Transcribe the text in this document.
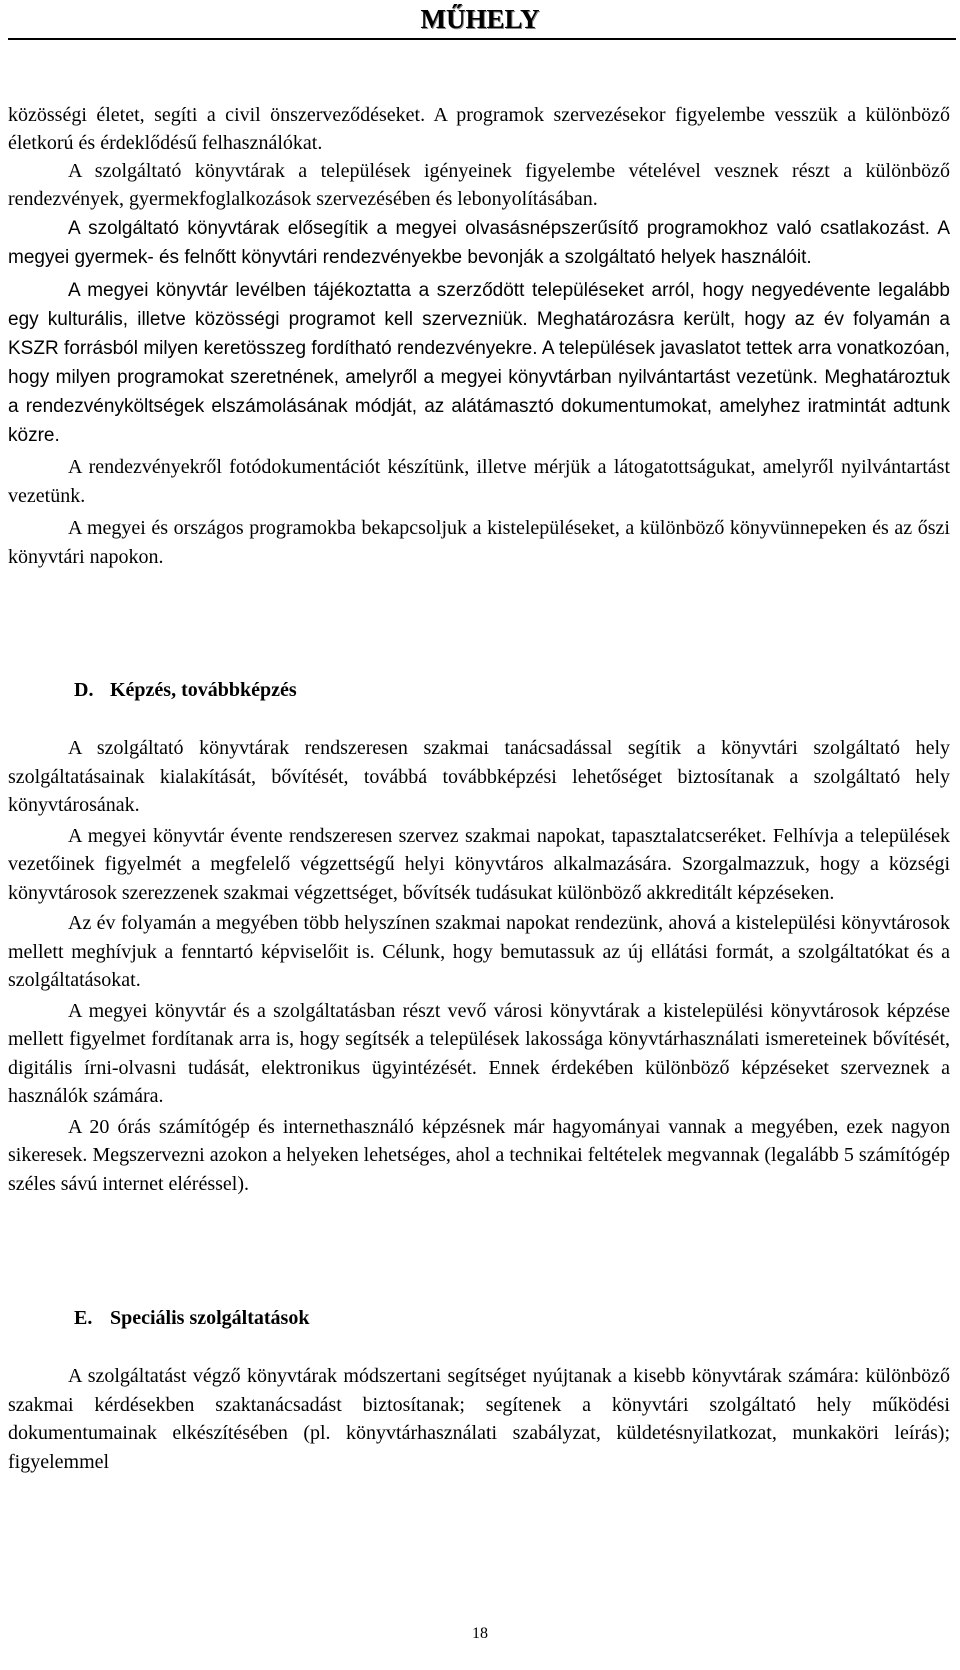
MŰHELY

közösségi életet, segíti a civil önszerveződéseket. A programok szervezésekor figyelembe vesszük a különböző életkorú és érdeklődésű felhasználókat.

A szolgáltató könyvtárak a települések igényeinek figyelembe vételével vesznek részt a különböző rendezvények, gyermekfoglalkozások szervezésében és lebonyolításában.

A szolgáltató könyvtárak elősegítik a megyei olvasásnépszerűsítő programokhoz való csatlakozást. A megyei gyermek- és felnőtt könyvtári rendezvényekbe bevonják a szolgáltató helyek használóit.

A megyei könyvtár levélben tájékoztatta a szerződött településeket arról, hogy negyedévente legalább egy kulturális, illetve közösségi programot kell szervezniük. Meghatározásra került, hogy az év folyamán a KSZR forrásból milyen keretösszeg fordítható rendezvényekre. A települések javaslatot tettek arra vonatkozóan, hogy milyen programokat szeretnének, amelyről a megyei könyvtárban nyilvántartást vezetünk. Meghatároztuk a rendezvényköltségek elszámolásának módját, az alátámasztó dokumentumokat, amelyhez iratmintát adtunk közre.

A rendezvényekről fotódokumentációt készítünk, illetve mérjük a látogatottságukat, amelyről nyilvántartást vezetünk.

A megyei és országos programokba bekapcsoljuk a kistelepüléseket, a különböző könyvünnepeken és az őszi könyvtári napokon.

D. Képzés, továbbképzés

A szolgáltató könyvtárak rendszeresen szakmai tanácsadással segítik a könyvtári szolgáltató hely szolgáltatásainak kialakítását, bővítését, továbbá továbbképzési lehetőséget biztosítanak a szolgáltató hely könyvtárosának.

A megyei könyvtár évente rendszeresen szervez szakmai napokat, tapasztalatcseréket. Felhívja a települések vezetőinek figyelmét a megfelelő végzettségű helyi könyvtáros alkalmazására. Szorgalmazzuk, hogy a községi könyvtárosok szerezzenek szakmai végzettséget, bővítsék tudásukat különböző akkreditált képzéseken.

Az év folyamán a megyében több helyszínen szakmai napokat rendezünk, ahová a kistelepülési könyvtárosok mellett meghívjuk a fenntartó képviselőit is. Célunk, hogy bemutassuk az új ellátási formát, a szolgáltatókat és a szolgáltatásokat.

A megyei könyvtár és a szolgáltatásban részt vevő városi könyvtárak a kistelepülési könyvtárosok képzése mellett figyelmet fordítanak arra is, hogy segítsék a települések lakossága könyvtárhasználati ismereteinek bővítését, digitális írni-olvasni tudását, elektronikus ügyintézését. Ennek érdekében különböző képzéseket szerveznek a használók számára.

A 20 órás számítógép és internethasználó képzésnek már hagyományai vannak a megyében, ezek nagyon sikeresek. Megszervezni azokon a helyeken lehetséges, ahol a technikai feltételek megvannak (legalább 5 számítógép széles sávú internet eléréssel).

E. Speciális szolgáltatások

A szolgáltatást végző könyvtárak módszertani segítséget nyújtanak a kisebb könyvtárak számára: különböző szakmai kérdésekben szaktanácsadást biztosítanak; segítenek a könyvtári szolgáltató hely működési dokumentumainak elkészítésében (pl. könyvtárhasználati szabályzat, küldetésnyilatkozat, munkaköri leírás); figyelemmel

18
